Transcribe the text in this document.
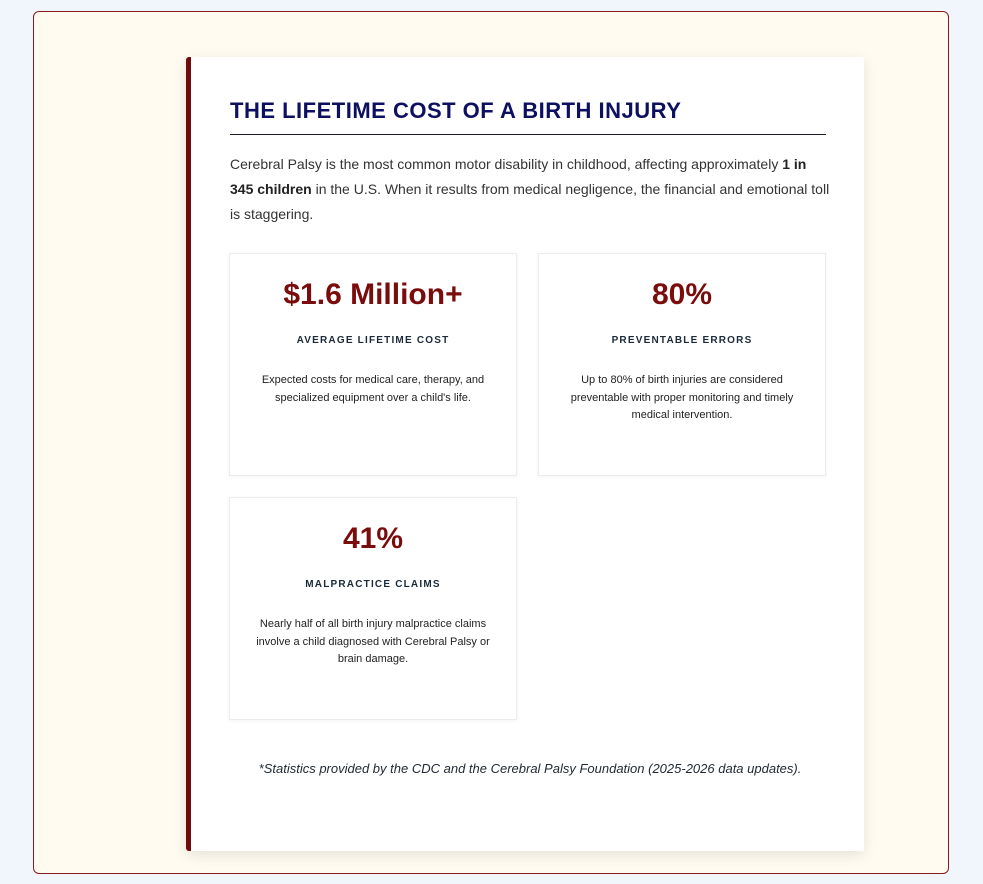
THE LIFETIME COST OF A BIRTH INJURY

Cerebral Palsy is the most common motor disability in childhood, affecting approximately 1 in 345 children in the U.S. When it results from medical negligence, the financial and emotional toll is staggering.

$1.6 Million+
AVERAGE LIFETIME COST
Expected costs for medical care, therapy, and specialized equipment over a child's life.
80%
PREVENTABLE ERRORS
Up to 80% of birth injuries are considered preventable with proper monitoring and timely medical intervention.
41%
MALPRACTICE CLAIMS
Nearly half of all birth injury malpractice claims involve a child diagnosed with Cerebral Palsy or brain damage.

*Statistics provided by the CDC and the Cerebral Palsy Foundation (2025-2026 data updates).
